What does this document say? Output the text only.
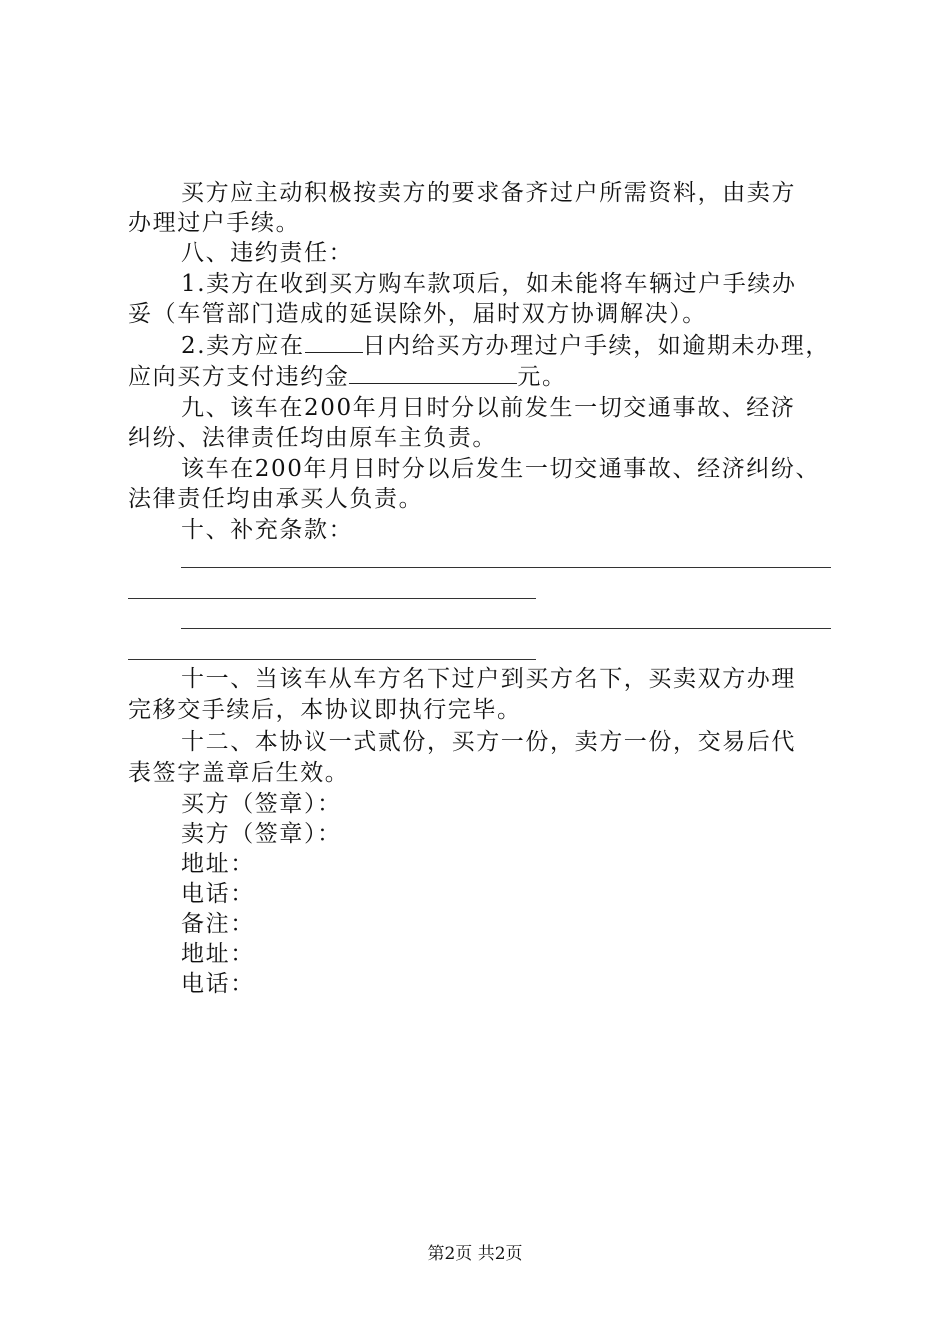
买方应主动积极按卖方的要求备齐过户所需资料，由卖方
办理过户手续。
八、违约责任：
1.卖方在收到买方购车款项后，如未能将车辆过户手续办
妥（车管部门造成的延误除外，届时双方协调解决）。
2.卖方应在	日内给买方办理过户手续，如逾期未办理，
应向买方支付违约金	元。
九、该车在200年月日时分以前发生一切交通事故、经济
纠纷、法律责任均由原车主负责。
该车在200年月日时分以后发生一切交通事故、经济纠纷、
法律责任均由承买人负责。
十、补充条款：
十一、当该车从车方名下过户到买方名下，买卖双方办理
完移交手续后，本协议即执行完毕。
十二、本协议一式贰份，买方一份，卖方一份，交易后代
表签字盖章后生效。
买方（签章）：
卖方（签章）：
地址：
电话：
备注：
地址：
电话：
第2页 共2页
